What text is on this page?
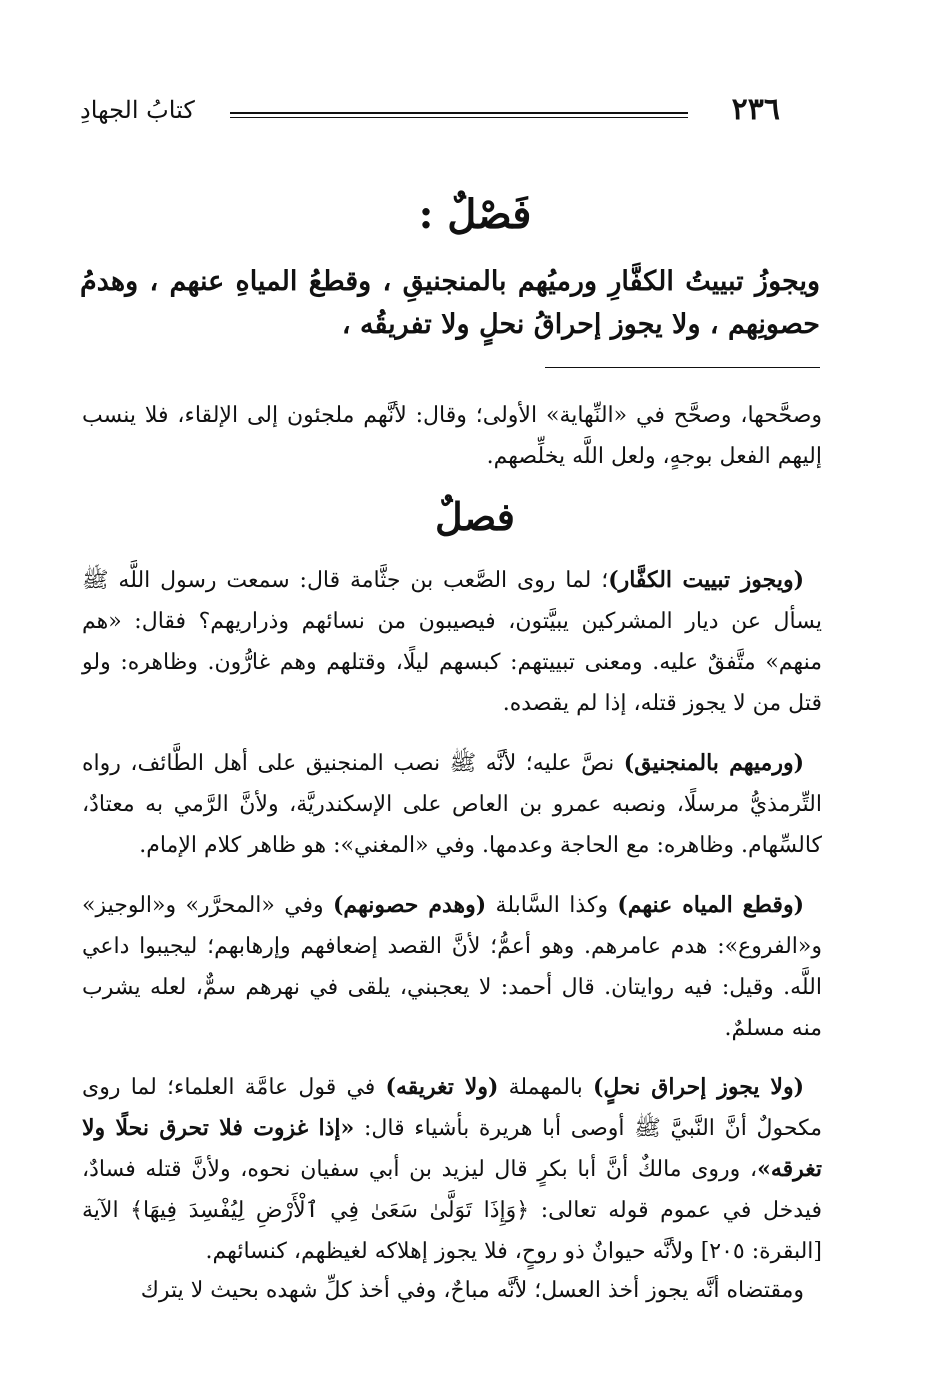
٢٣٦
كتابُ الجهادِ
فَصْلٌ :
ويجوزُ تبييتُ الكفَّارِ ورميُهم بالمنجنيقِ ، وقطعُ المياهِ عنهم ، وهدمُ حصونِهم ، ولا يجوز إحراقُ نحلٍ ولا تفريقُه ،
وصحَّحها، وصحَّح في «النِّهاية» الأولى؛ وقال: لأنَّهم ملجئون إلى الإلقاء، فلا ينسب إليهم الفعل بوجهٍ، ولعل اللَّه يخلِّصهم.
فصلٌ
(ويجوز تبييت الكفَّار)؛ لما روى الصَّعب بن جثَّامة قال: سمعت رسول اللَّه ﷺ يسأل عن ديار المشركين يبيَّتون، فيصيبون من نسائهم وذراريهم؟ فقال: «هم منهم» متَّفقٌ عليه. ومعنى تبييتهم: كبسهم ليلًا، وقتلهم وهم غارُّون. وظاهره: ولو قتل من لا يجوز قتله، إذا لم يقصده.
(ورميهم بالمنجنيق) نصَّ عليه؛ لأنَّه ﷺ نصب المنجنيق على أهل الطَّائف، رواه التِّرمذيُّ مرسلًا، ونصبه عمرو بن العاص على الإسكندريَّة، ولأنَّ الرَّمي به معتادٌ، كالسِّهام. وظاهره: مع الحاجة وعدمها. وفي «المغني»: هو ظاهر كلام الإمام.
(وقطع المياه عنهم) وكذا السَّابلة (وهدم حصونهم) وفي «المحرَّر» و«الوجيز» و«الفروع»: هدم عامرهم. وهو أعمُّ؛ لأنَّ القصد إضعافهم وإرهابهم؛ ليجيبوا داعي اللَّه. وقيل: فيه روايتان. قال أحمد: لا يعجبني، يلقى في نهرهم سمٌّ، لعله يشرب منه مسلمٌ.
(ولا يجوز إحراق نحلٍ) بالمهملة (ولا تغريقه) في قول عامَّة العلماء؛ لما روى مكحولٌ أنَّ النَّبيَّ ﷺ أوصى أبا هريرة بأشياء قال: «إذا غزوت فلا تحرق نحلًا ولا تغرقه»، وروى مالكٌ أنَّ أبا بكرٍ قال ليزيد بن أبي سفيان نحوه، ولأنَّ قتله فسادٌ، فيدخل في عموم قوله تعالى: ﴿وَإِذَا تَوَلَّىٰ سَعَىٰ فِي ٱلْأَرْضِ لِيُفْسِدَ فِيهَا﴾ الآية [البقرة: ٢٠٥] ولأنَّه حيوانٌ ذو روحٍ، فلا يجوز إهلاكه لغيظهم، كنسائهم.
ومقتضاه أنَّه يجوز أخذ العسل؛ لأنَّه مباحٌ، وفي أخذ كلِّ شهده بحيث لا يترك
